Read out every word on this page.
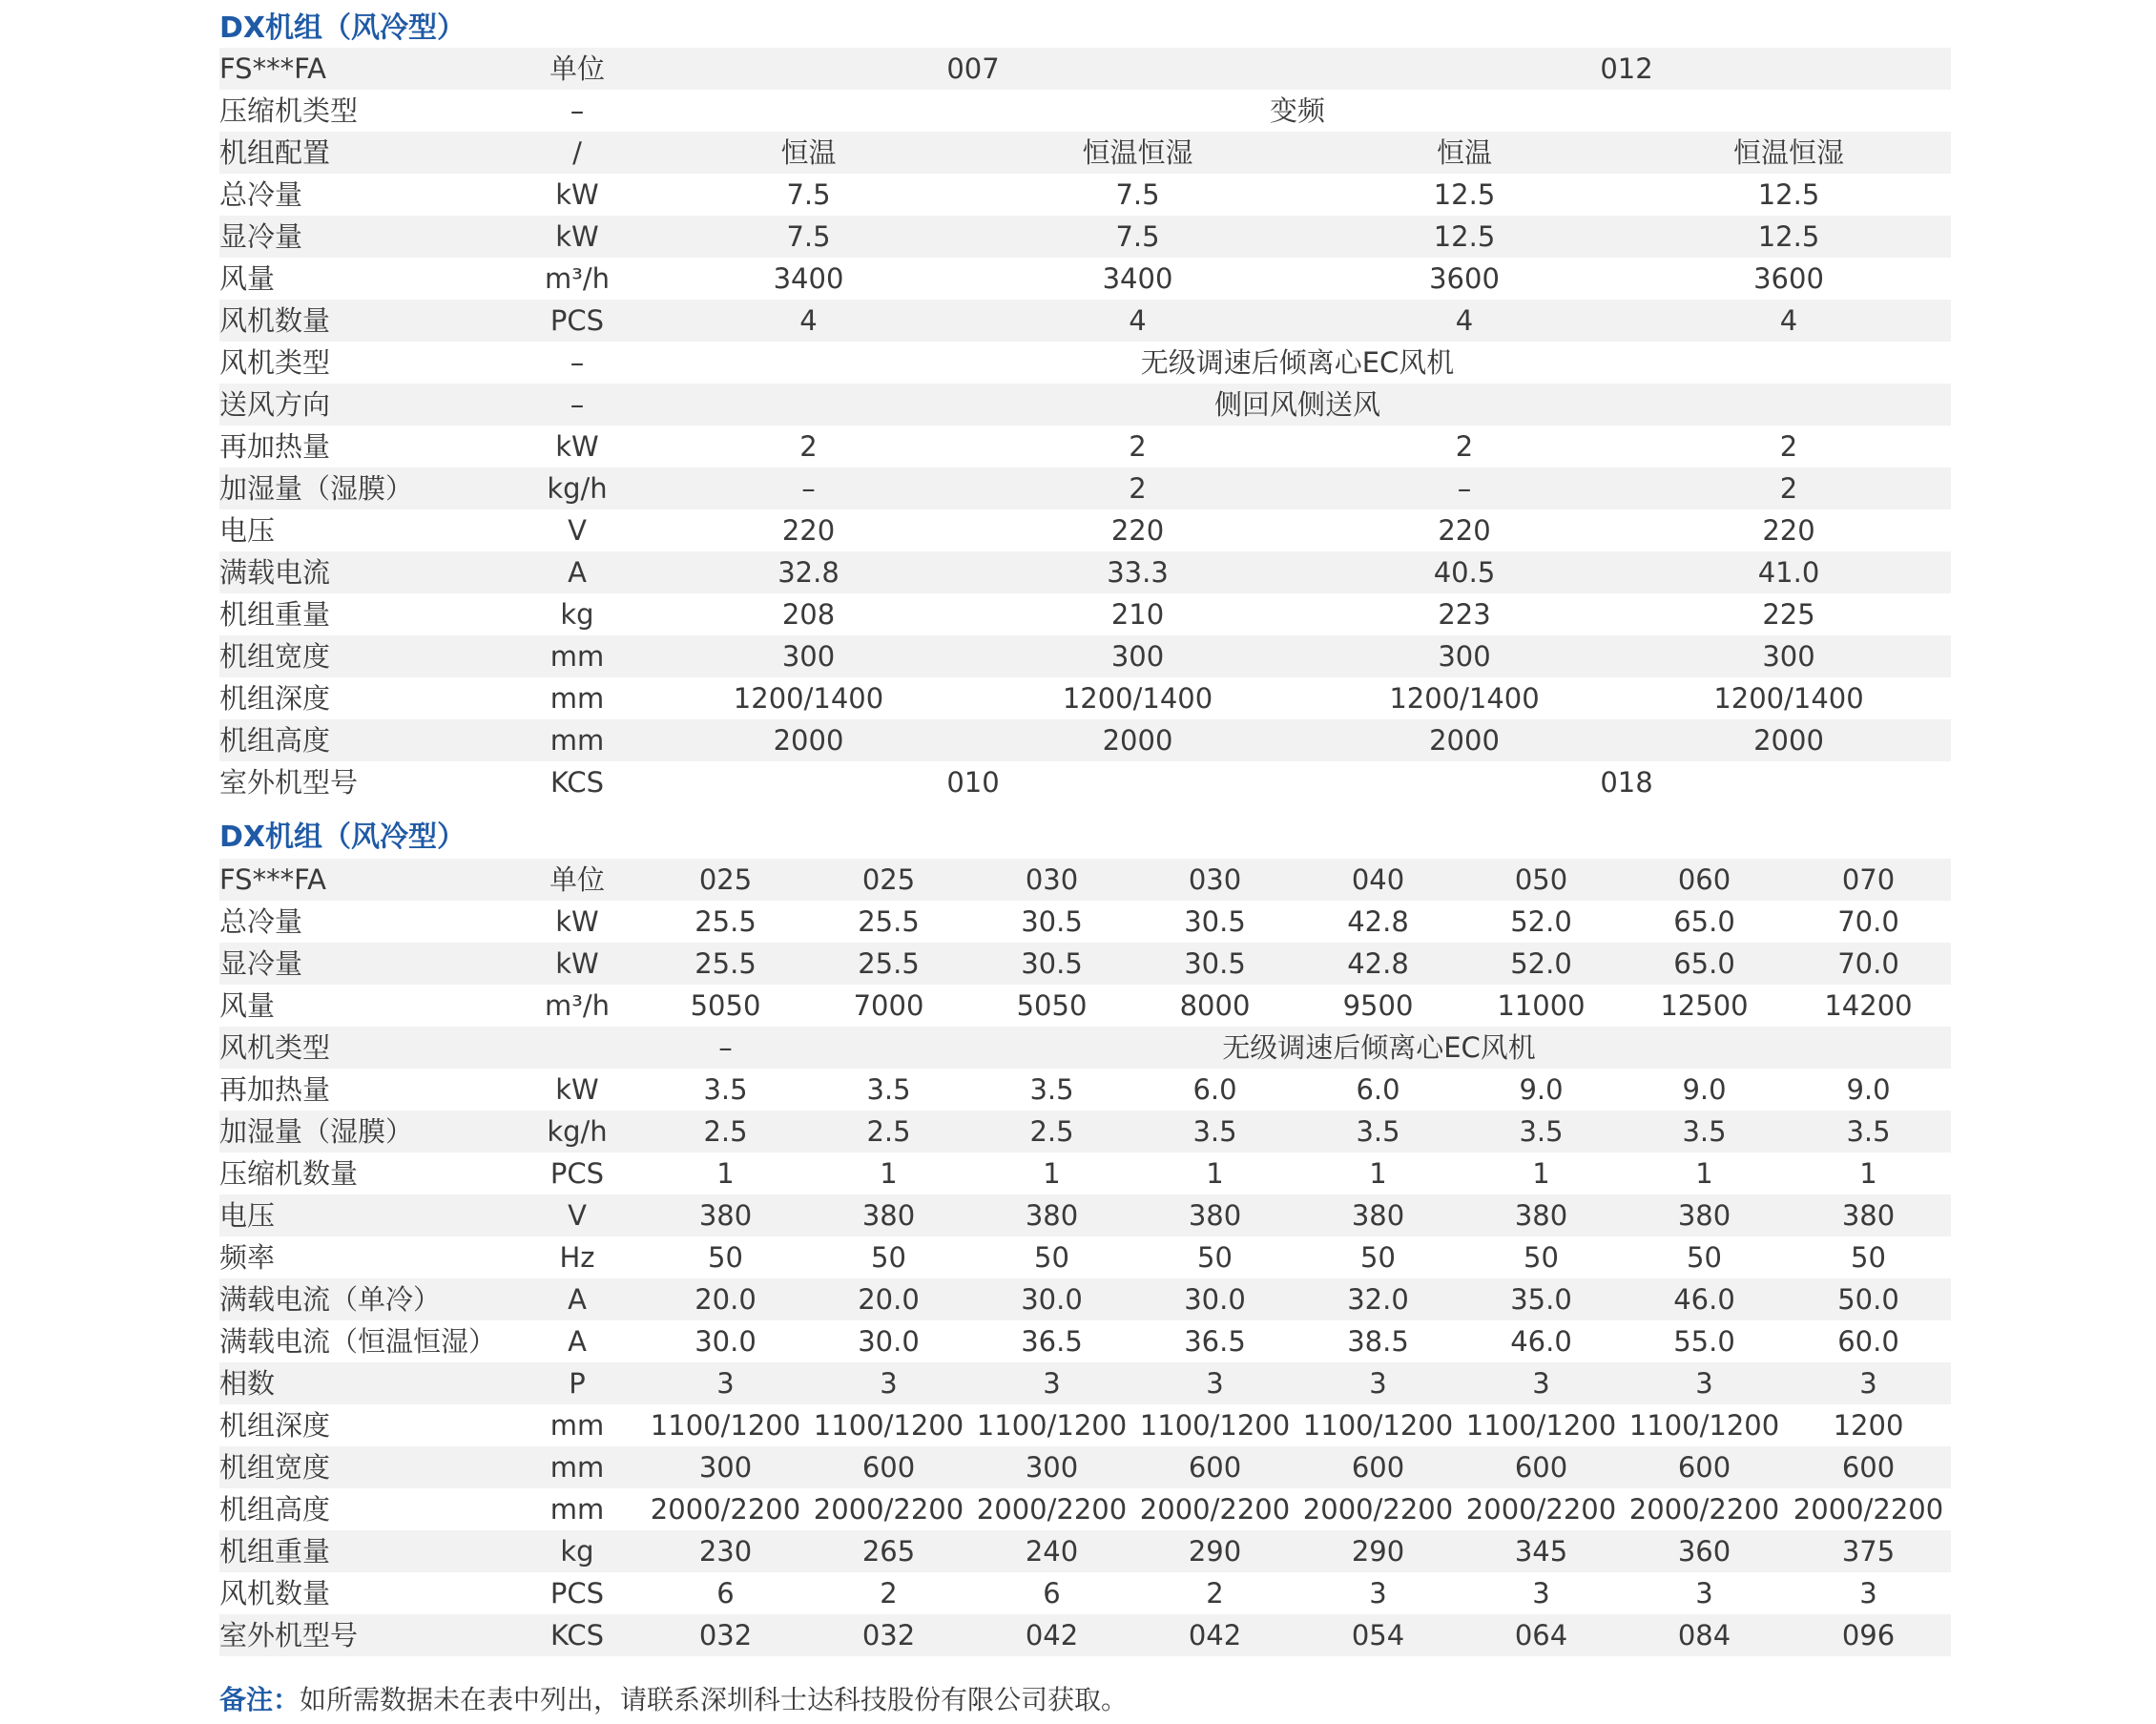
DX机组（风冷型）
FS***FA	单位	007		012	
压缩机类型	–	变频			
机组配置	/	恒温	恒温恒湿	恒温	恒温恒湿
总冷量	kW	7.5	7.5	12.5	12.5
显冷量	kW	7.5	7.5	12.5	12.5
风量	m³/h	3400	3400	3600	3600
风机数量	PCS	4	4	4	4
风机类型	–	无级调速后倾离心EC风机			
送风方向	–	侧回风侧送风			
再加热量	kW	2	2	2	2
加湿量（湿膜）	kg/h	–	2	–	2
电压	V	220	220	220	220
满载电流	A	32.8	33.3	40.5	41.0
机组重量	kg	208	210	223	225
机组宽度	mm	300	300	300	300
机组深度	mm	1200/1400	1200/1400	1200/1400	1200/1400
机组高度	mm	2000	2000	2000	2000
室外机型号	KCS	010		018	
DX机组（风冷型）
FS***FA	单位	025	025	030	030	040	050	060	070
总冷量	kW	25.5	25.5	30.5	30.5	42.8	52.0	65.0	70.0
显冷量	kW	25.5	25.5	30.5	30.5	42.8	52.0	65.0	70.0
风量	m³/h	5050	7000	5050	8000	9500	11000	12500	14200
风机类型		–	无级调速后倾离心EC风机						
再加热量	kW	3.5	3.5	3.5	6.0	6.0	9.0	9.0	9.0
加湿量（湿膜）	kg/h	2.5	2.5	2.5	3.5	3.5	3.5	3.5	3.5
压缩机数量	PCS	1	1	1	1	1	1	1	1
电压	V	380	380	380	380	380	380	380	380
频率	Hz	50	50	50	50	50	50	50	50
满载电流（单冷）	A	20.0	20.0	30.0	30.0	32.0	35.0	46.0	50.0
满载电流（恒温恒湿）	A	30.0	30.0	36.5	36.5	38.5	46.0	55.0	60.0
相数	P	3	3	3	3	3	3	3	3
机组深度	mm	1100/1200	1100/1200	1100/1200	1100/1200	1100/1200	1100/1200	1100/1200	1200
机组宽度	mm	300	600	300	600	600	600	600	600
机组高度	mm	2000/2200	2000/2200	2000/2200	2000/2200	2000/2200	2000/2200	2000/2200	2000/2200
机组重量	kg	230	265	240	290	290	345	360	375
风机数量	PCS	6	2	6	2	3	3	3	3
室外机型号	KCS	032	032	042	042	054	064	084	096
备注：如所需数据未在表中列出，请联系深圳科士达科技股份有限公司获取。
